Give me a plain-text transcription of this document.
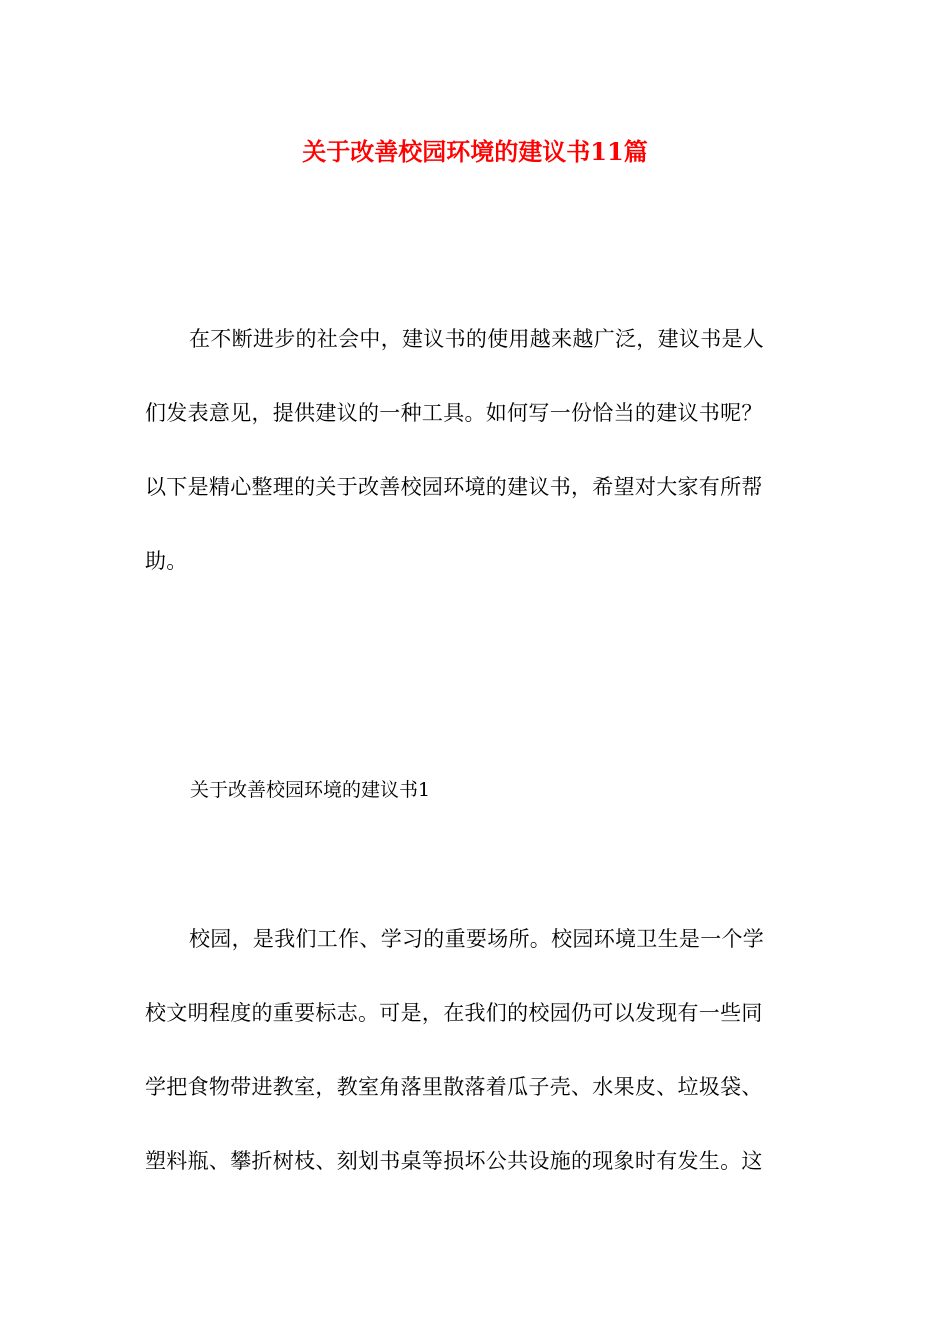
关于改善校园环境的建议书11篇
在不断进步的社会中，建议书的使用越来越广泛，建议书是人
们发表意见，提供建议的一种工具。如何写一份恰当的建议书呢？
以下是精心整理的关于改善校园环境的建议书，希望对大家有所帮
助。
关于改善校园环境的建议书1
校园，是我们工作、学习的重要场所。校园环境卫生是一个学
校文明程度的重要标志。可是，在我们的校园仍可以发现有一些同
学把食物带进教室，教室角落里散落着瓜子壳、水果皮、垃圾袋、
塑料瓶、攀折树枝、刻划书桌等损坏公共设施的现象时有发生。这
